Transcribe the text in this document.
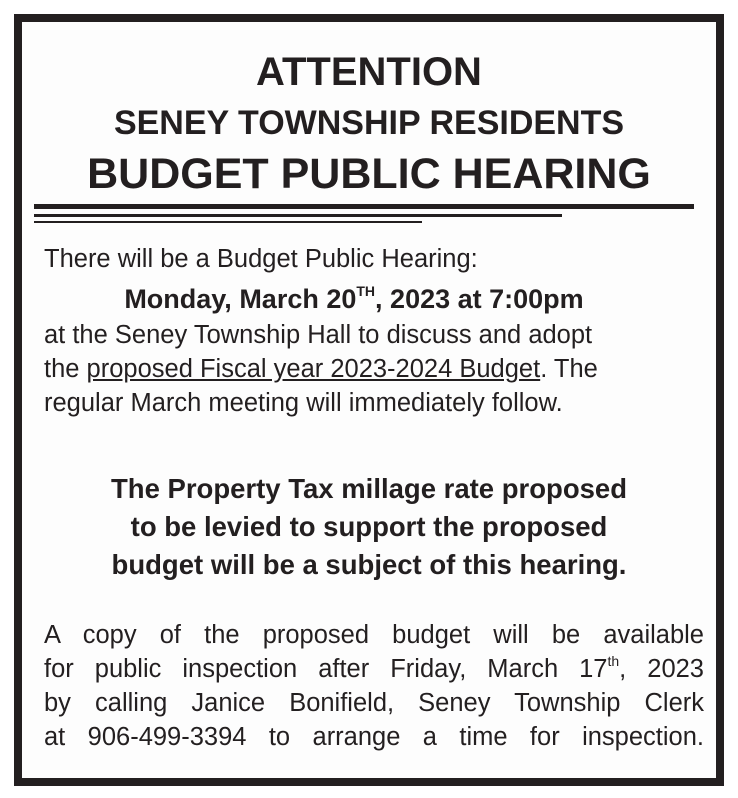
ATTENTION
SENEY TOWNSHIP RESIDENTS
BUDGET PUBLIC HEARING
There will be a Budget Public Hearing:
Monday, March 20TH, 2023 at 7:00pm
at the Seney Township Hall to discuss and adopt
the proposed Fiscal year 2023-2024 Budget. The
regular March meeting will immediately follow.
The Property Tax millage rate proposed
to be levied to support the proposed
budget will be a subject of this hearing.
A copy of the proposed budget will be available
for public inspection after Friday, March 17th, 2023
by calling Janice Bonifield, Seney Township Clerk
at 906-499-3394 to arrange a time for inspection.
